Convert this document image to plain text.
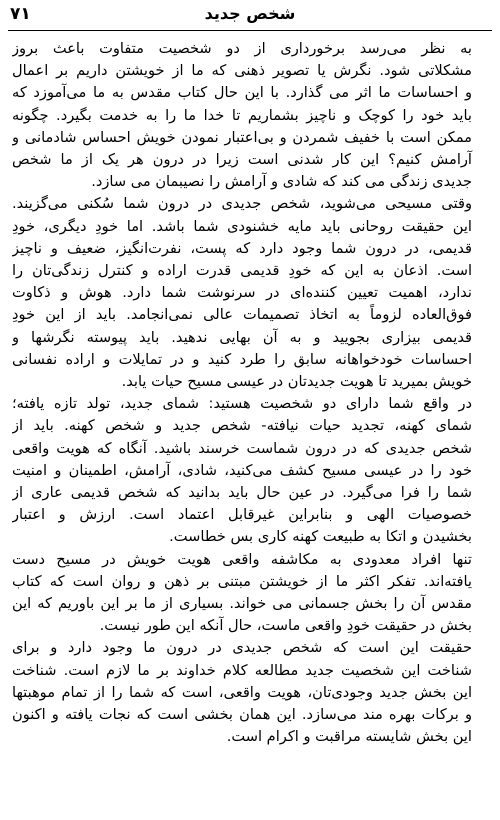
۷۱	شخص جدید
به نظر می‌رسد برخورداری از دو شخصیت متفاوت باعث بروز
مشکلاتی شود. نگرش یا تصویر ذهنی که ما از خویشتن داریم بر اعمال
و احساسات ما اثر می گذارد. با این حال کتاب مقدس به ما می‌آموزد که
باید خود را کوچک و ناچیز بشماریم تا خدا ما را به خدمت بگیرد. چگونه
ممکن است با خفیف شمردن و بی‌اعتبار نمودن خویش احساس شادمانی و
آرامش کنیم؟ این کار شدنی است زیرا در درون هر یک از ما شخص
جدیدی زندگی می کند که شادی و آرامش را نصیبمان می سازد.
وقتی مسیحی می‌شوید، شخص جدیدی در درون شما سُکنی می‌گزیند.
این حقیقت روحانی باید مایه خشنودی شما باشد. اما خودِ دیگری، خودِ
قدیمی، در درون شما وجود دارد که پست، نفرت‌انگیز، ضعیف و ناچیز
است. اذعان به این که خودِ قدیمی قدرت اراده و کنترل زندگی‌تان را
ندارد، اهمیت تعیین کننده‌ای در سرنوشت شما دارد. هوش و ذکاوت
فوق‌العاده لزوماً به اتخاذ تصمیمات عالی نمی‌انجامد. باید از این خودِ
قدیمی بیزاری بجویید و به آن بهایی ندهید. باید پیوسته نگرشها و
احساسات خودخواهانه سابق را طرد کنید و در تمایلات و اراده نفسانی
خویش بمیرید تا هویت جدیدتان در عیسی مسیح حیات یابد.
در واقع شما دارای دو شخصیت هستید: شمای جدید، تولد تازه یافته؛
شمای کهنه، تجدید حیات نیافته- شخص جدید و شخص کهنه. باید از
شخص جدیدی که در درون شماست خرسند باشید. آنگاه که هویت واقعی
خود را در عیسی مسیح کشف می‌کنید، شادی، آرامش، اطمینان و امنیت
شما را فرا می‌گیرد. در عین حال باید بدانید که شخص قدیمی عاری از
خصوصیات الهی و بنابراین غیرقابل اعتماد است. ارزش و اعتبار
بخشیدن و اتکا به طبیعت کهنه کاری بس خطاست.
تنها افراد معدودی به مکاشفه واقعی هویت خویش در مسیح دست
یافته‌اند. تفکر اکثر ما از خویشتن مبتنی بر ذهن و روان است که کتاب
مقدس آن را بخش جسمانی می خواند. بسیاری از ما بر این باوریم که این
بخش در حقیقت خودِ واقعی ماست، حال آنکه این طور نیست.
حقیقت این است که شخص جدیدی در درون ما وجود دارد و برای
شناخت این شخصیت جدید مطالعه کلام خداوند بر ما لازم است. شناخت
این بخش جدید وجودی‌تان، هویت واقعی، است که شما را از تمام موهبتها
و برکات بهره مند می‌سازد. این همان بخشی است که نجات یافته و اکنون
این بخش شایسته مراقبت و اکرام است.
